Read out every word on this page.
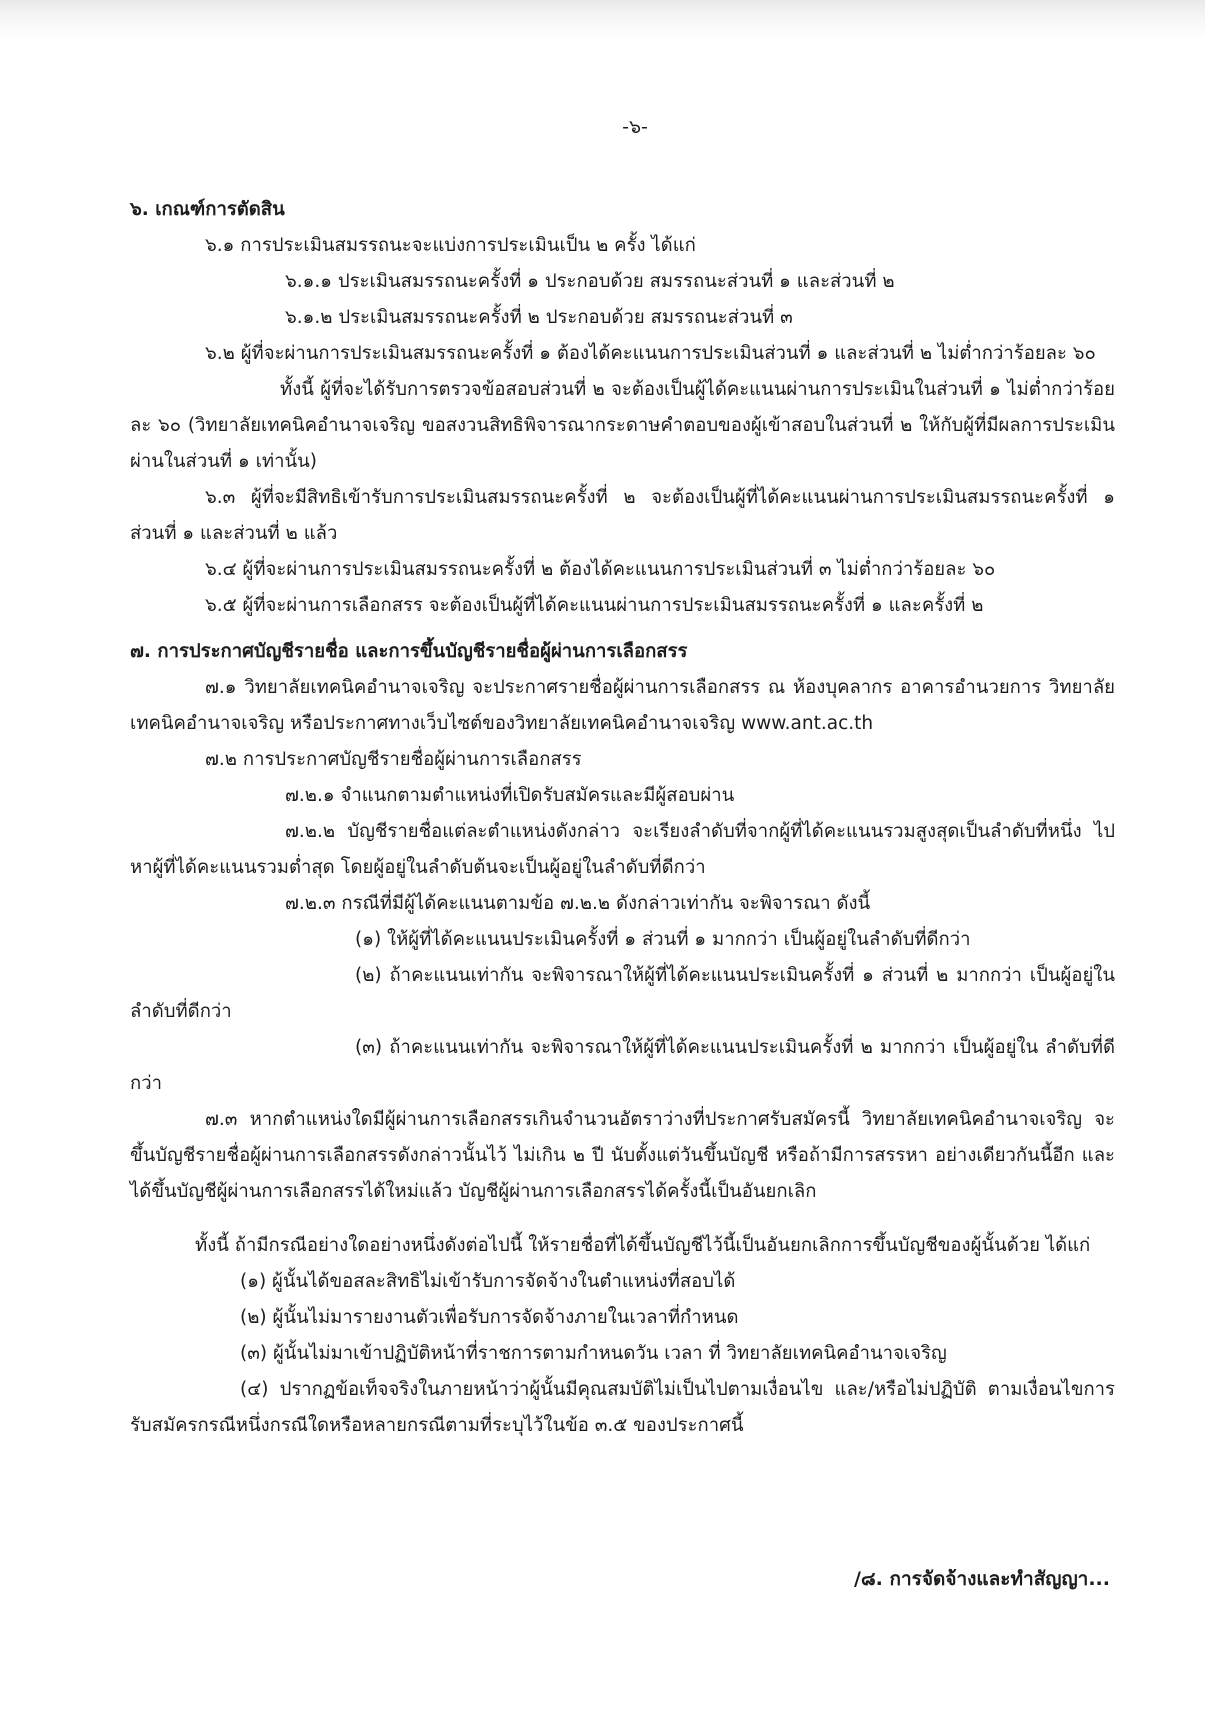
-๖-

๖. เกณฑ์การตัดสิน

๖.๑ การประเมินสมรรถนะจะแบ่งการประเมินเป็น ๒ ครั้ง ได้แก่

๖.๑.๑ ประเมินสมรรถนะครั้งที่ ๑ ประกอบด้วย สมรรถนะส่วนที่ ๑ และส่วนที่ ๒

๖.๑.๒ ประเมินสมรรถนะครั้งที่ ๒ ประกอบด้วย สมรรถนะส่วนที่ ๓

๖.๒ ผู้ที่จะผ่านการประเมินสมรรถนะครั้งที่ ๑ ต้องได้คะแนนการประเมินส่วนที่ ๑ และส่วนที่ ๒ ไม่ต่ำกว่าร้อยละ ๖๐

ทั้งนี้ ผู้ที่จะได้รับการตรวจข้อสอบส่วนที่ ๒ จะต้องเป็นผู้ได้คะแนนผ่านการประเมินในส่วนที่ ๑ ไม่ต่ำกว่าร้อยละ ๖๐ (วิทยาลัยเทคนิคอำนาจเจริญ ขอสงวนสิทธิพิจารณากระดาษคำตอบของผู้เข้าสอบในส่วนที่ ๒ ให้กับผู้ที่มีผลการประเมินผ่านในส่วนที่ ๑ เท่านั้น)

๖.๓ ผู้ที่จะมีสิทธิเข้ารับการประเมินสมรรถนะครั้งที่ ๒ จะต้องเป็นผู้ที่ได้คะแนนผ่านการประเมินสมรรถนะครั้งที่ ๑ ส่วนที่ ๑ และส่วนที่ ๒ แล้ว

๖.๔ ผู้ที่จะผ่านการประเมินสมรรถนะครั้งที่ ๒ ต้องได้คะแนนการประเมินส่วนที่ ๓ ไม่ต่ำกว่าร้อยละ ๖๐

๖.๕ ผู้ที่จะผ่านการเลือกสรร จะต้องเป็นผู้ที่ได้คะแนนผ่านการประเมินสมรรถนะครั้งที่ ๑ และครั้งที่ ๒

๗. การประกาศบัญชีรายชื่อ และการขึ้นบัญชีรายชื่อผู้ผ่านการเลือกสรร

๗.๑ วิทยาลัยเทคนิคอำนาจเจริญ จะประกาศรายชื่อผู้ผ่านการเลือกสรร ณ ห้องบุคลากร อาคารอำนวยการ วิทยาลัยเทคนิคอำนาจเจริญ หรือประกาศทางเว็บไซต์ของวิทยาลัยเทคนิคอำนาจเจริญ www.ant.ac.th

๗.๒ การประกาศบัญชีรายชื่อผู้ผ่านการเลือกสรร

๗.๒.๑ จำแนกตามตำแหน่งที่เปิดรับสมัครและมีผู้สอบผ่าน

๗.๒.๒ บัญชีรายชื่อแต่ละตำแหน่งดังกล่าว จะเรียงลำดับที่จากผู้ที่ได้คะแนนรวมสูงสุดเป็นลำดับที่หนึ่ง ไปหาผู้ที่ได้คะแนนรวมต่ำสุด โดยผู้อยู่ในลำดับต้นจะเป็นผู้อยู่ในลำดับที่ดีกว่า

๗.๒.๓ กรณีที่มีผู้ได้คะแนนตามข้อ ๗.๒.๒ ดังกล่าวเท่ากัน จะพิจารณา ดังนี้

(๑) ให้ผู้ที่ได้คะแนนประเมินครั้งที่ ๑ ส่วนที่ ๑ มากกว่า เป็นผู้อยู่ในลำดับที่ดีกว่า

(๒) ถ้าคะแนนเท่ากัน จะพิจารณาให้ผู้ที่ได้คะแนนประเมินครั้งที่ ๑ ส่วนที่ ๒ มากกว่า เป็นผู้อยู่ในลำดับที่ดีกว่า

(๓) ถ้าคะแนนเท่ากัน จะพิจารณาให้ผู้ที่ได้คะแนนประเมินครั้งที่ ๒ มากกว่า เป็นผู้อยู่ใน ลำดับที่ดีกว่า

๗.๓ หากตำแหน่งใดมีผู้ผ่านการเลือกสรรเกินจำนวนอัตราว่างที่ประกาศรับสมัครนี้ วิทยาลัยเทคนิคอำนาจเจริญ จะขึ้นบัญชีรายชื่อผู้ผ่านการเลือกสรรดังกล่าวนั้นไว้ ไม่เกิน ๒ ปี นับตั้งแต่วันขึ้นบัญชี หรือถ้ามีการสรรหา อย่างเดียวกันนี้อีก และได้ขึ้นบัญชีผู้ผ่านการเลือกสรรได้ใหม่แล้ว บัญชีผู้ผ่านการเลือกสรรได้ครั้งนี้เป็นอันยกเลิก

ทั้งนี้ ถ้ามีกรณีอย่างใดอย่างหนึ่งดังต่อไปนี้ ให้รายชื่อที่ได้ขึ้นบัญชีไว้นี้เป็นอันยกเลิกการขึ้นบัญชีของผู้นั้นด้วย ได้แก่

(๑) ผู้นั้นได้ขอสละสิทธิไม่เข้ารับการจัดจ้างในตำแหน่งที่สอบได้

(๒) ผู้นั้นไม่มารายงานตัวเพื่อรับการจัดจ้างภายในเวลาที่กำหนด

(๓) ผู้นั้นไม่มาเข้าปฏิบัติหน้าที่ราชการตามกำหนดวัน เวลา ที่ วิทยาลัยเทคนิคอำนาจเจริญ

(๔) ปรากฏข้อเท็จจริงในภายหน้าว่าผู้นั้นมีคุณสมบัติไม่เป็นไปตามเงื่อนไข และ/หรือไม่ปฏิบัติ ตามเงื่อนไขการรับสมัครกรณีหนึ่งกรณีใดหรือหลายกรณีตามที่ระบุไว้ในข้อ ๓.๕ ของประกาศนี้

/๘. การจัดจ้างและทำสัญญา...
